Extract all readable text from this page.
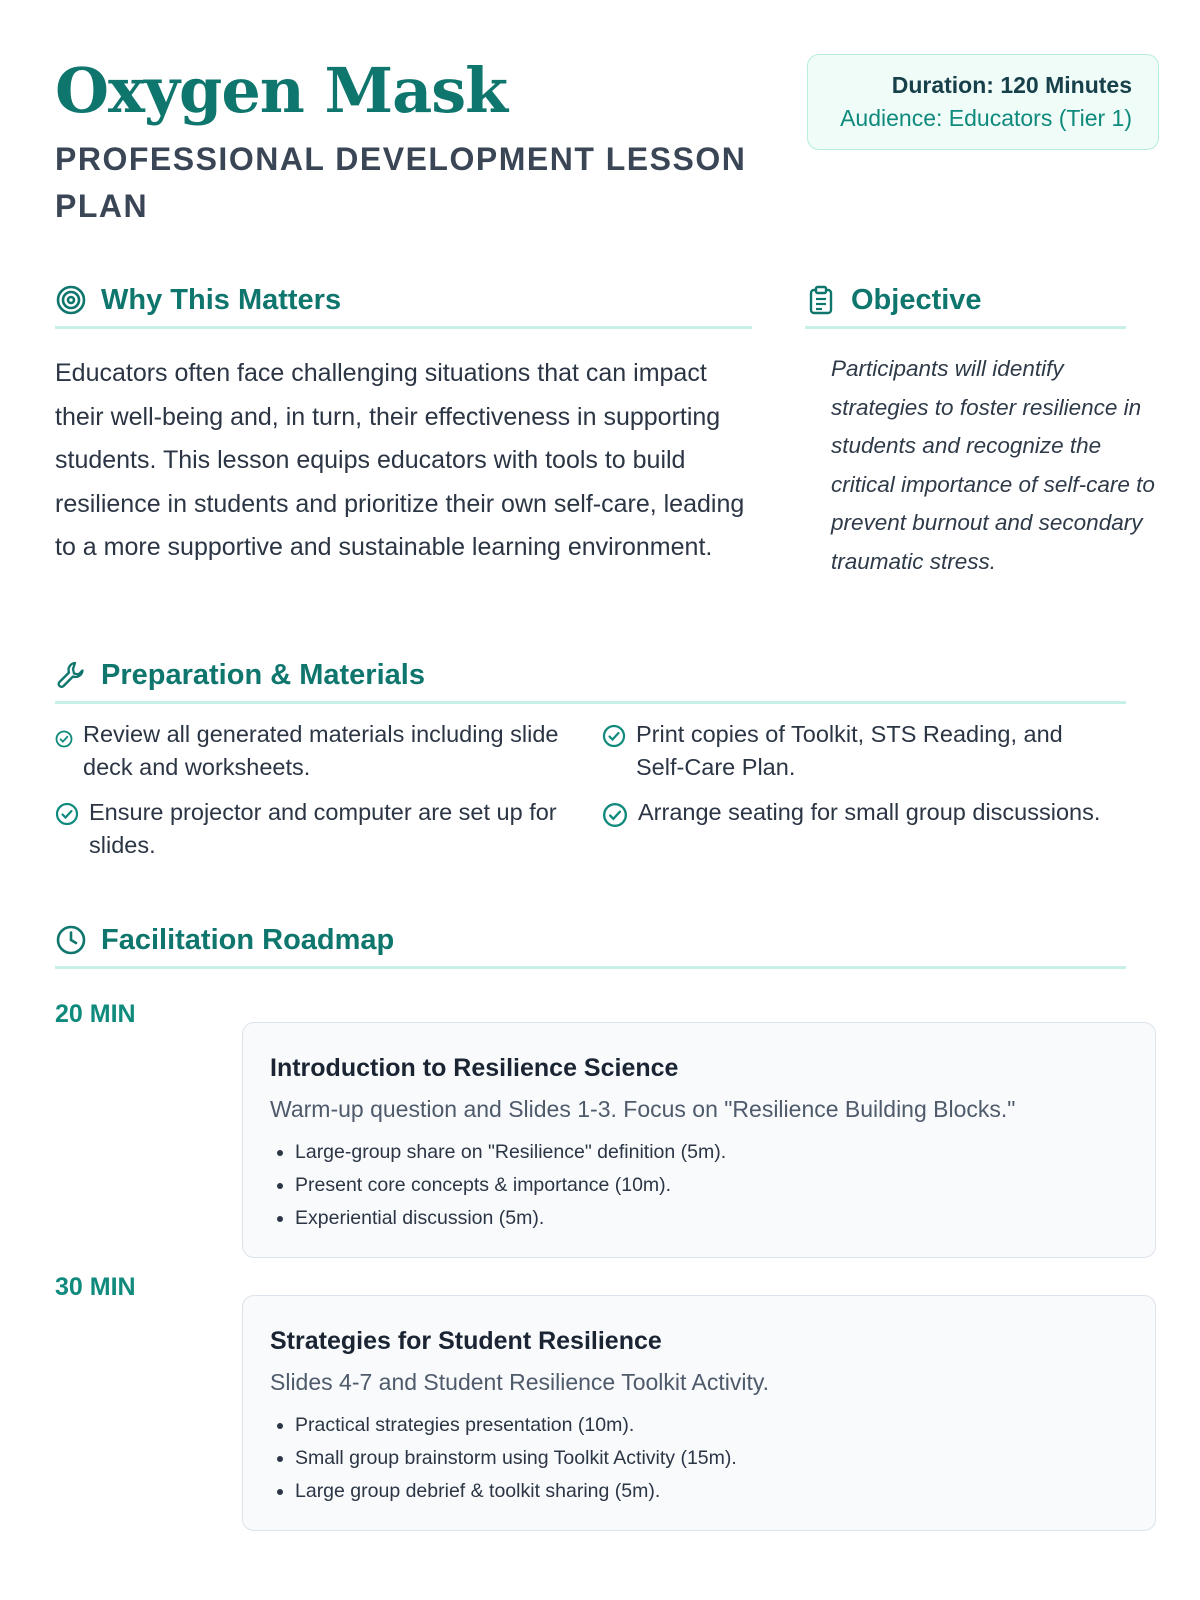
Oxygen Mask
PROFESSIONAL DEVELOPMENT LESSON PLAN
Duration: 120 Minutes
Audience: Educators (Tier 1)
Why This Matters
Educators often face challenging situations that can impact their well-being and, in turn, their effectiveness in supporting students. This lesson equips educators with tools to build resilience in students and prioritize their own self-care, leading to a more supportive and sustainable learning environment.
Objective
Participants will identify strategies to foster resilience in students and recognize the critical importance of self-care to prevent burnout and secondary traumatic stress.
Preparation & Materials
Review all generated materials including slide deck and worksheets.
Print copies of Toolkit, STS Reading, and Self-Care Plan.
Ensure projector and computer are set up for slides.
Arrange seating for small group discussions.
Facilitation Roadmap
20 MIN
Introduction to Resilience Science
Warm-up question and Slides 1-3. Focus on "Resilience Building Blocks."
• Large-group share on "Resilience" definition (5m).
• Present core concepts & importance (10m).
• Experiential discussion (5m).
30 MIN
Strategies for Student Resilience
Slides 4-7 and Student Resilience Toolkit Activity.
• Practical strategies presentation (10m).
• Small group brainstorm using Toolkit Activity (15m).
• Large group debrief & toolkit sharing (5m).
